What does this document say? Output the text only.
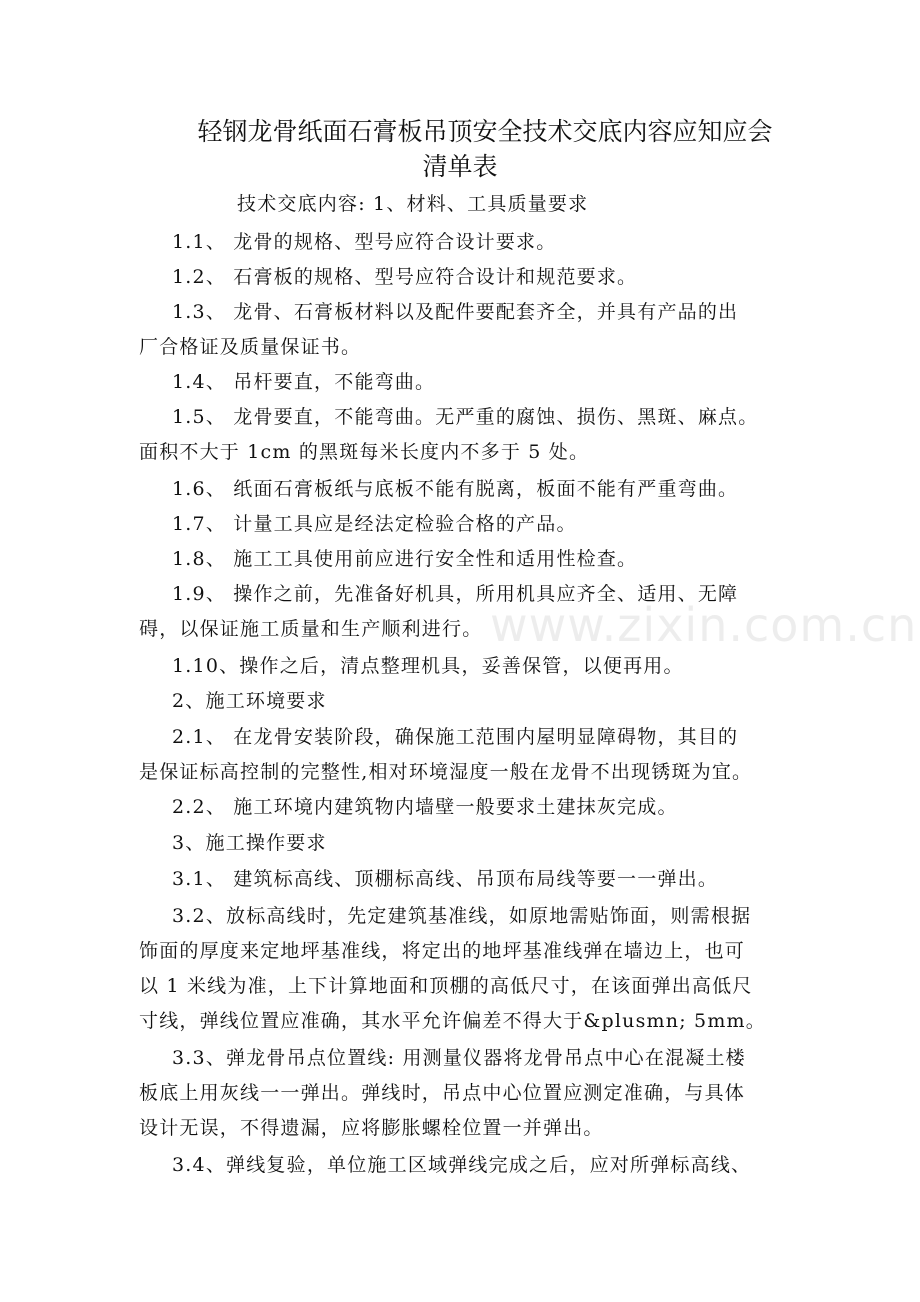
轻钢龙骨纸面石膏板吊顶安全技术交底内容应知应会
清单表
www.zixin.com.cn
技术交底内容: 1、材料、工具质量要求
1.1、 龙骨的规格、型号应符合设计要求。
1.2、 石膏板的规格、型号应符合设计和规范要求。
1.3、 龙骨、石膏板材料以及配件要配套齐全，并具有产品的出
厂合格证及质量保证书。
1.4、 吊杆要直，不能弯曲。
1.5、 龙骨要直，不能弯曲。无严重的腐蚀、损伤、黑斑、麻点。
面积不大于 1cm 的黑斑每米长度内不多于 5 处。
1.6、 纸面石膏板纸与底板不能有脱离，板面不能有严重弯曲。
1.7、 计量工具应是经法定检验合格的产品。
1.8、 施工工具使用前应进行安全性和适用性检查。
1.9、 操作之前，先准备好机具，所用机具应齐全、适用、无障
碍，以保证施工质量和生产顺利进行。
1.10、操作之后，清点整理机具，妥善保管，以便再用。
2、施工环境要求
2.1、 在龙骨安装阶段，确保施工范围内屋明显障碍物，其目的
是保证标高控制的完整性,相对环境湿度一般在龙骨不出现锈斑为宜。
2.2、 施工环境内建筑物内墙壁一般要求土建抹灰完成。
3、施工操作要求
3.1、 建筑标高线、顶棚标高线、吊顶布局线等要一一弹出。
3.2、放标高线时，先定建筑基准线，如原地需贴饰面，则需根据
饰面的厚度来定地坪基准线，将定出的地坪基准线弹在墙边上，也可
以 1 米线为准，上下计算地面和顶棚的高低尺寸，在该面弹出高低尺
寸线，弹线位置应准确，其水平允许偏差不得大于&plusmn; 5mm。
3.3、弹龙骨吊点位置线: 用测量仪器将龙骨吊点中心在混凝土楼
板底上用灰线一一弹出。弹线时，吊点中心位置应测定准确，与具体
设计无误，不得遗漏，应将膨胀螺栓位置一并弹出。
3.4、弹线复验，单位施工区域弹线完成之后，应对所弹标高线、
